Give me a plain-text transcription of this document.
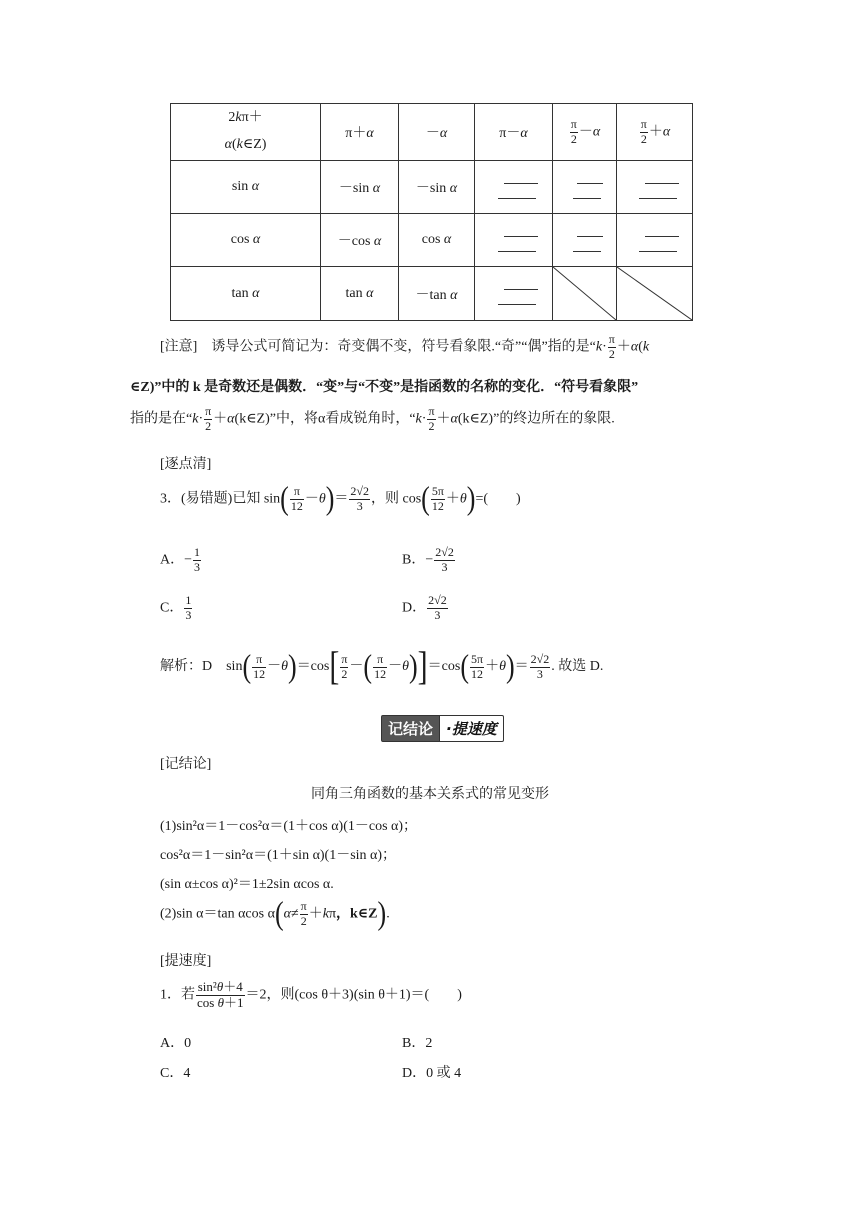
2kπ＋
α(k∈Z)	π＋α	－α	π－α	$\frac{\pi}{2} -\alpha$	$\frac{\pi}{2} +\alpha$
sin α	－sin α	－sin α	

cos α	－cos α	cos α	

tan α	tan α	－tan α	

[注意]　 诱导公式可简记为：奇变偶不变，符号看象限.“奇”“偶”指的是“$k\cdot \frac{\pi}{2} +\alpha(k$
∈Z)”中的 k 是奇数还是偶数．“变”与“不变”是指函数的名称的变化．“符号看象限”
指的是在“$k\cdot \frac{\pi}{2}$ ＋α(k∈Z)”中，将α看成锐角时，“$k\cdot \frac{\pi}{2}$ ＋α(k∈Z)”的终边所在的象限.
[逐点清]
3．(易错题)已知 $\sin( \frac{\pi}{12} -\theta)= \frac{2√2}{3}$ ，则 $\cos( \frac{5\pi}{12} +\theta)=$(　　)
A．− $\frac{1}{3}$	B．− $\frac{2√2}{3}$
C． $\frac{1}{3}$	D． $\frac{2√2}{3}$
解析：D　$\sin( \frac{\pi}{12} -\theta)=\cos[ \frac{\pi}{2}$ －( $\frac{\pi}{12} -\theta)]=\cos( \frac{5\pi}{12} +\theta)= \frac{2√2}{3}$ . 故选 D.
记结论 ·提速度
[记结论]
同角三角函数的基本关系式的常见变形
(1)sin²α＝1－cos²α＝(1＋cos α)(1－cos α)；
cos²α＝1－sin²α＝(1＋sin α)(1－sin α)；
(sin α±cos α)²＝1±2sin αcos α.
(2)sin α＝tan αcos $\alpha(\alpha\ne \frac{\pi}{2} +k\pi$，k∈Z).
[提速度]
1．若 $\frac{\text{sin²θ＋4}}{\text{cos θ＋1}} =2$，则(cos θ＋3)(sin θ＋1)＝(　　)
A．0	B．2
C．4	D．0 或 4
